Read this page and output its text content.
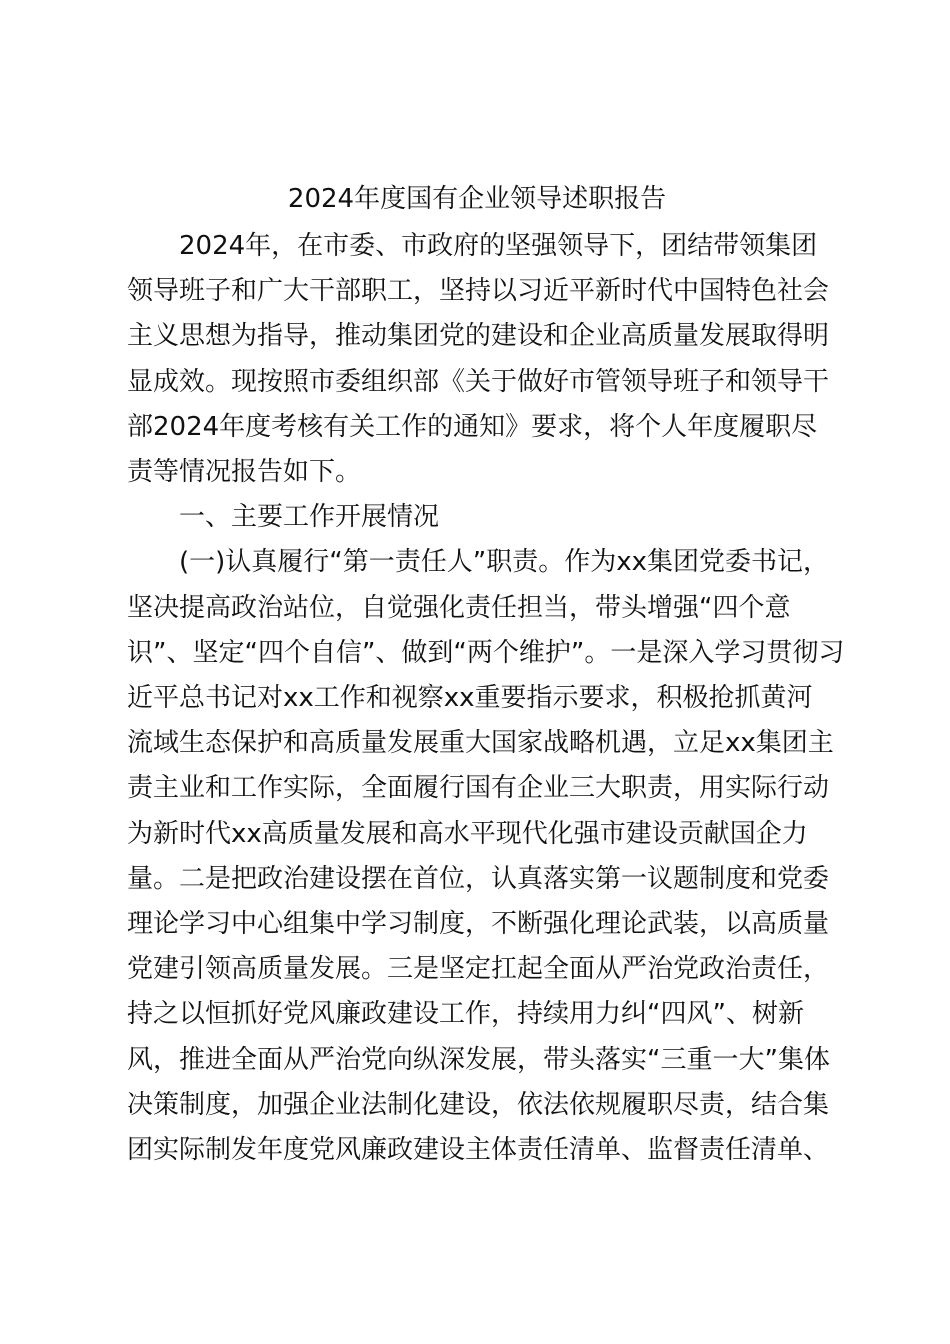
2024年度国有企业领导述职报告

2024年，在市委、市政府的坚强领导下，团结带领集团
领导班子和广大干部职工，坚持以习近平新时代中国特色社会
主义思想为指导，推动集团党的建设和企业高质量发展取得明
显成效。现按照市委组织部《关于做好市管领导班子和领导干
部2024年度考核有关工作的通知》要求，将个人年度履职尽
责等情况报告如下。

一、主要工作开展情况

(一)认真履行“第一责任人”职责。作为xx集团党委书记，
坚决提高政治站位，自觉强化责任担当，带头增强“四个意
识”、坚定“四个自信”、做到“两个维护”。一是深入学习贯彻习
近平总书记对xx工作和视察xx重要指示要求，积极抢抓黄河
流域生态保护和高质量发展重大国家战略机遇，立足xx集团主
责主业和工作实际，全面履行国有企业三大职责，用实际行动
为新时代xx高质量发展和高水平现代化强市建设贡献国企力
量。二是把政治建设摆在首位，认真落实第一议题制度和党委
理论学习中心组集中学习制度，不断强化理论武装，以高质量
党建引领高质量发展。三是坚定扛起全面从严治党政治责任，
持之以恒抓好党风廉政建设工作，持续用力纠“四风”、树新
风，推进全面从严治党向纵深发展，带头落实“三重一大”集体
决策制度，加强企业法制化建设，依法依规履职尽责，结合集
团实际制发年度党风廉政建设主体责任清单、监督责任清单、
